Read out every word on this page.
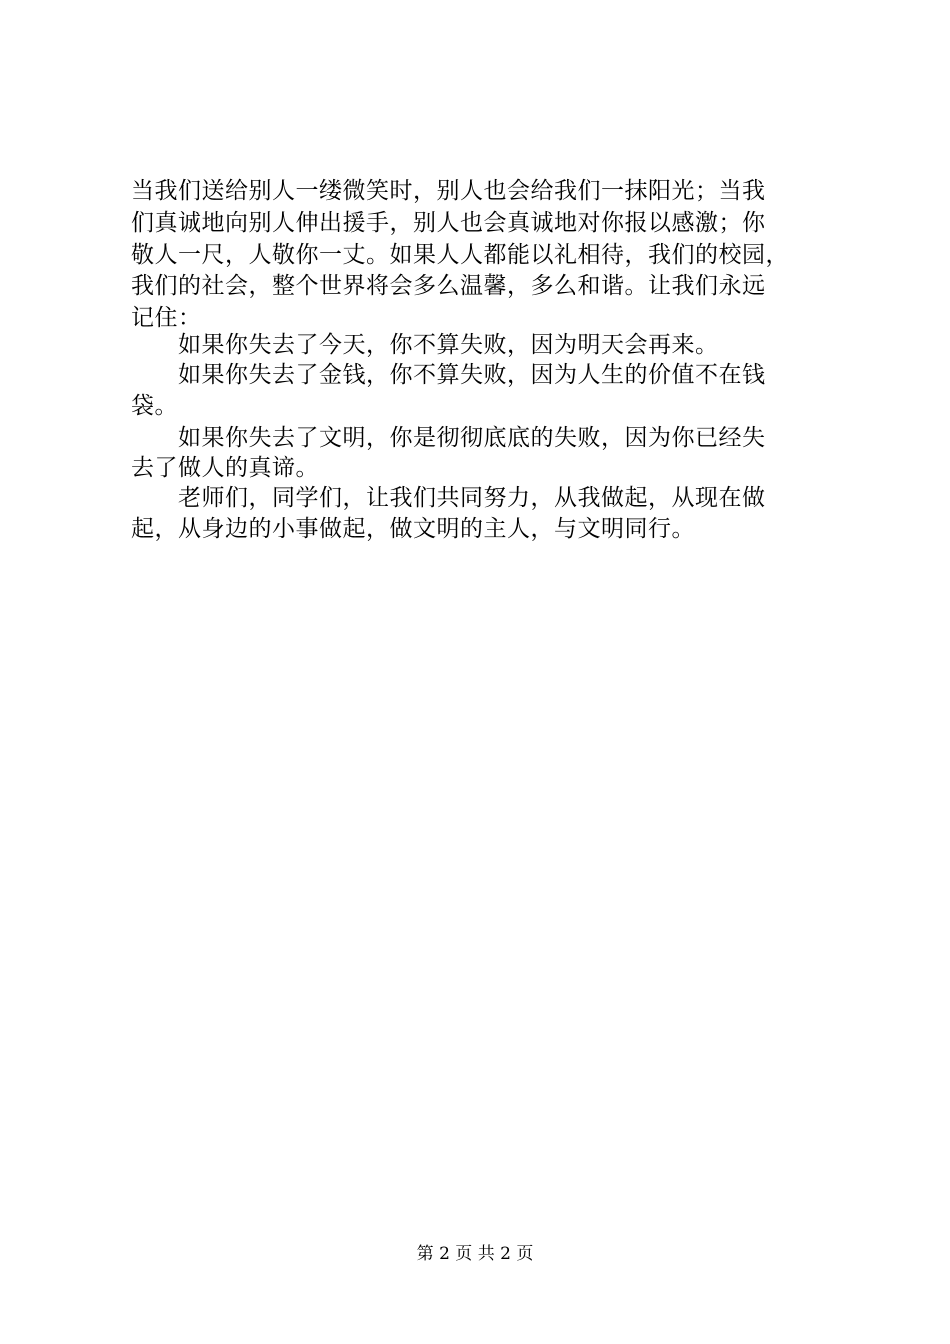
当我们送给别人一缕微笑时，别人也会给我们一抹阳光；当我
们真诚地向别人伸出援手，别人也会真诚地对你报以感激；你
敬人一尺，人敬你一丈。如果人人都能以礼相待，我们的校园，
我们的社会，整个世界将会多么温馨，多么和谐。让我们永远
记住：
如果你失去了今天，你不算失败，因为明天会再来。
如果你失去了金钱，你不算失败，因为人生的价值不在钱
袋。
如果你失去了文明，你是彻彻底底的失败，因为你已经失
去了做人的真谛。
老师们，同学们，让我们共同努力，从我做起，从现在做
起，从身边的小事做起，做文明的主人，与文明同行。
第 2 页 共 2 页
